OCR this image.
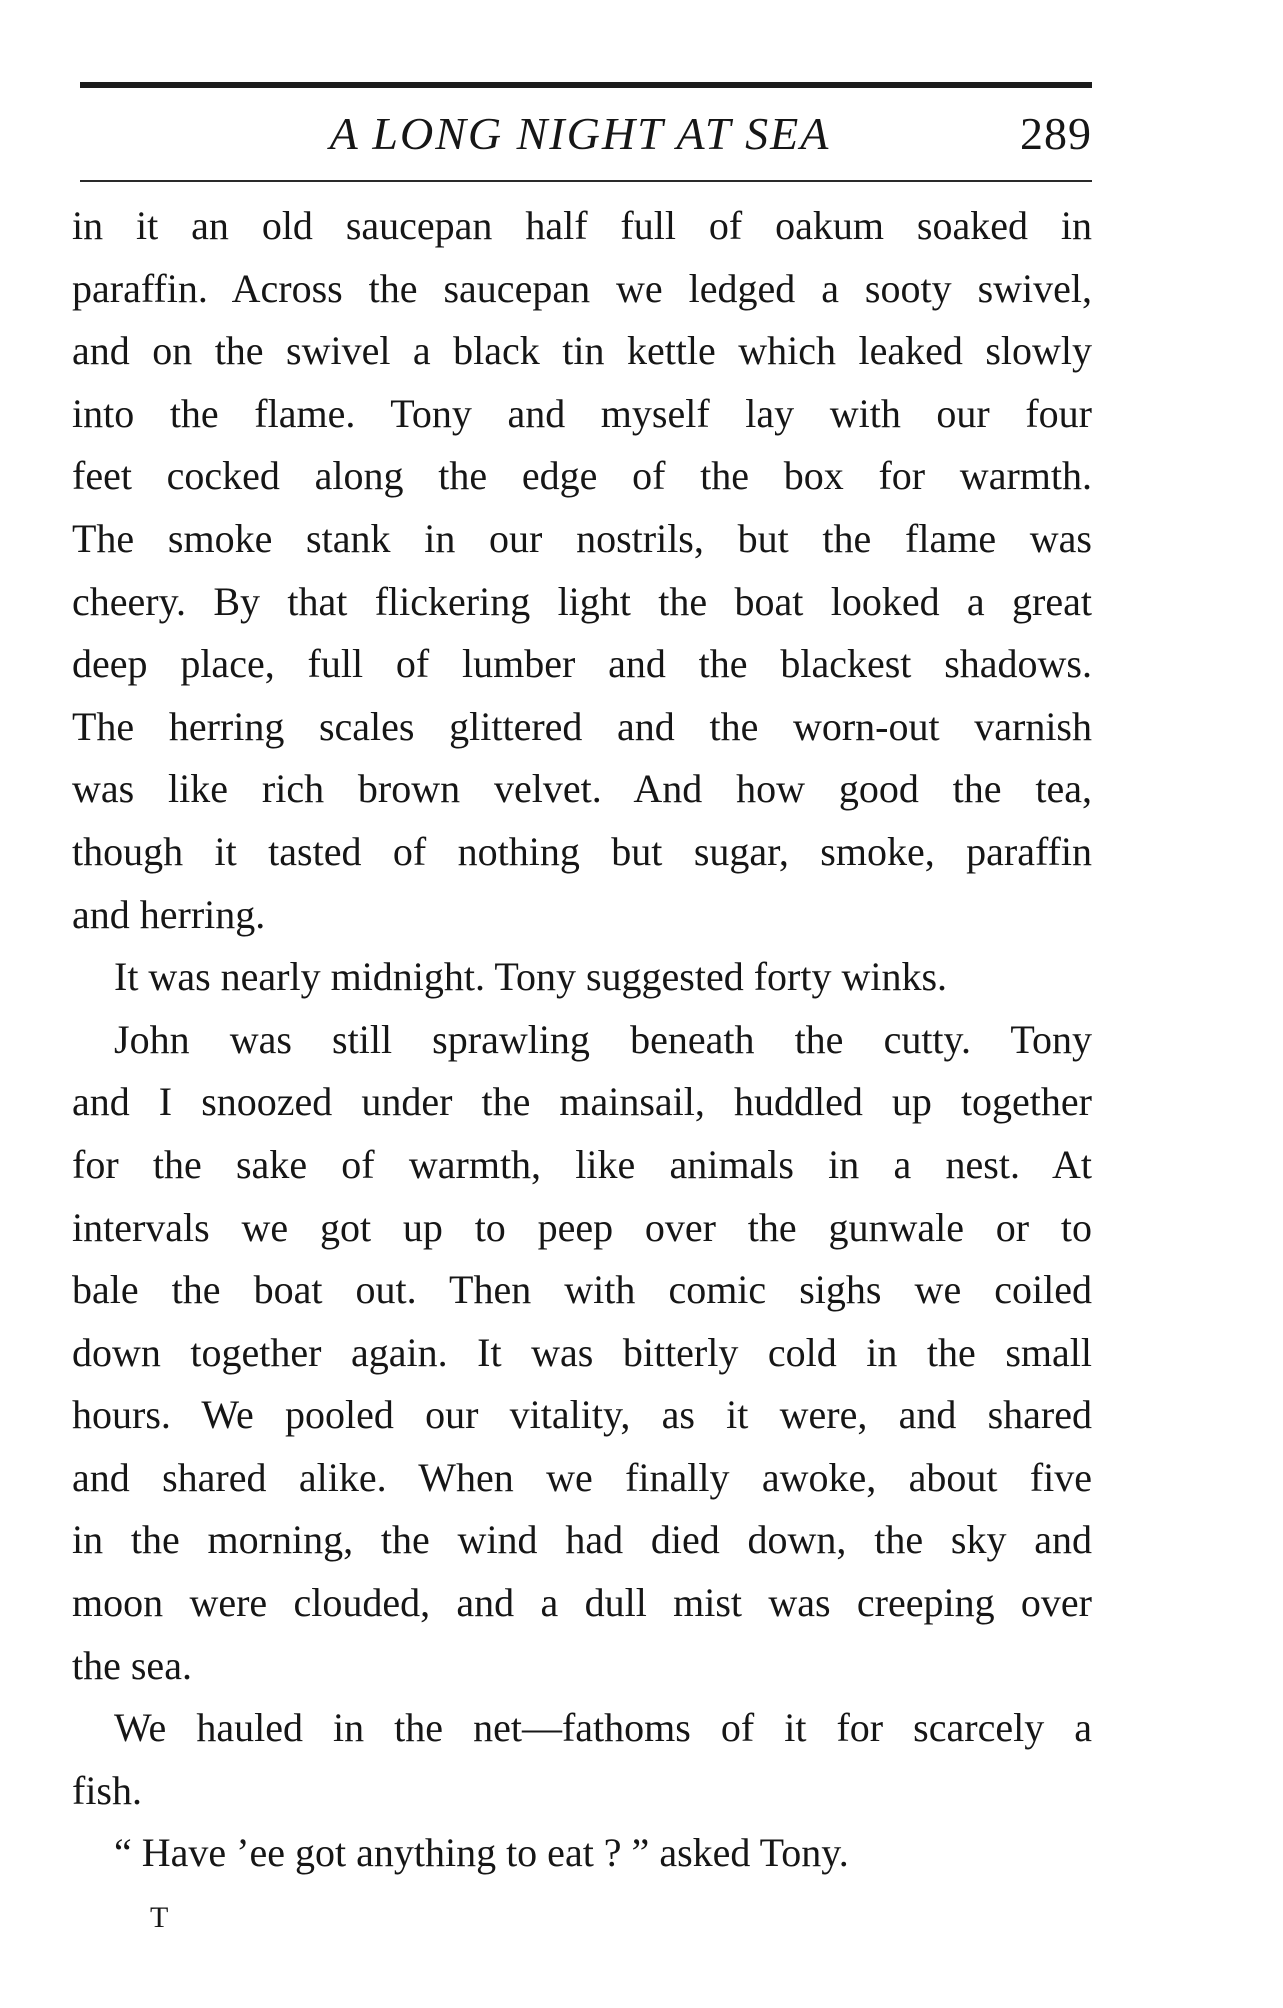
A LONG NIGHT AT SEA	289
in it an old saucepan half full of oakum soaked in
paraffin. Across the saucepan we ledged a sooty swivel,
and on the swivel a black tin kettle which leaked slowly
into the flame. Tony and myself lay with our four
feet cocked along the edge of the box for warmth.
The smoke stank in our nostrils, but the flame was
cheery. By that flickering light the boat looked a great
deep place, full of lumber and the blackest shadows.
The herring scales glittered and the worn-out varnish
was like rich brown velvet. And how good the tea,
though it tasted of nothing but sugar, smoke, paraffin
and herring.
It was nearly midnight. Tony suggested forty winks.
John was still sprawling beneath the cutty. Tony
and I snoozed under the mainsail, huddled up together
for the sake of warmth, like animals in a nest. At
intervals we got up to peep over the gunwale or to
bale the boat out. Then with comic sighs we coiled
down together again. It was bitterly cold in the small
hours. We pooled our vitality, as it were, and shared
and shared alike. When we finally awoke, about five
in the morning, the wind had died down, the sky and
moon were clouded, and a dull mist was creeping over
the sea.
We hauled in the net—fathoms of it for scarcely a
fish.
“ Have ’ee got anything to eat ? ” asked Tony.
T
